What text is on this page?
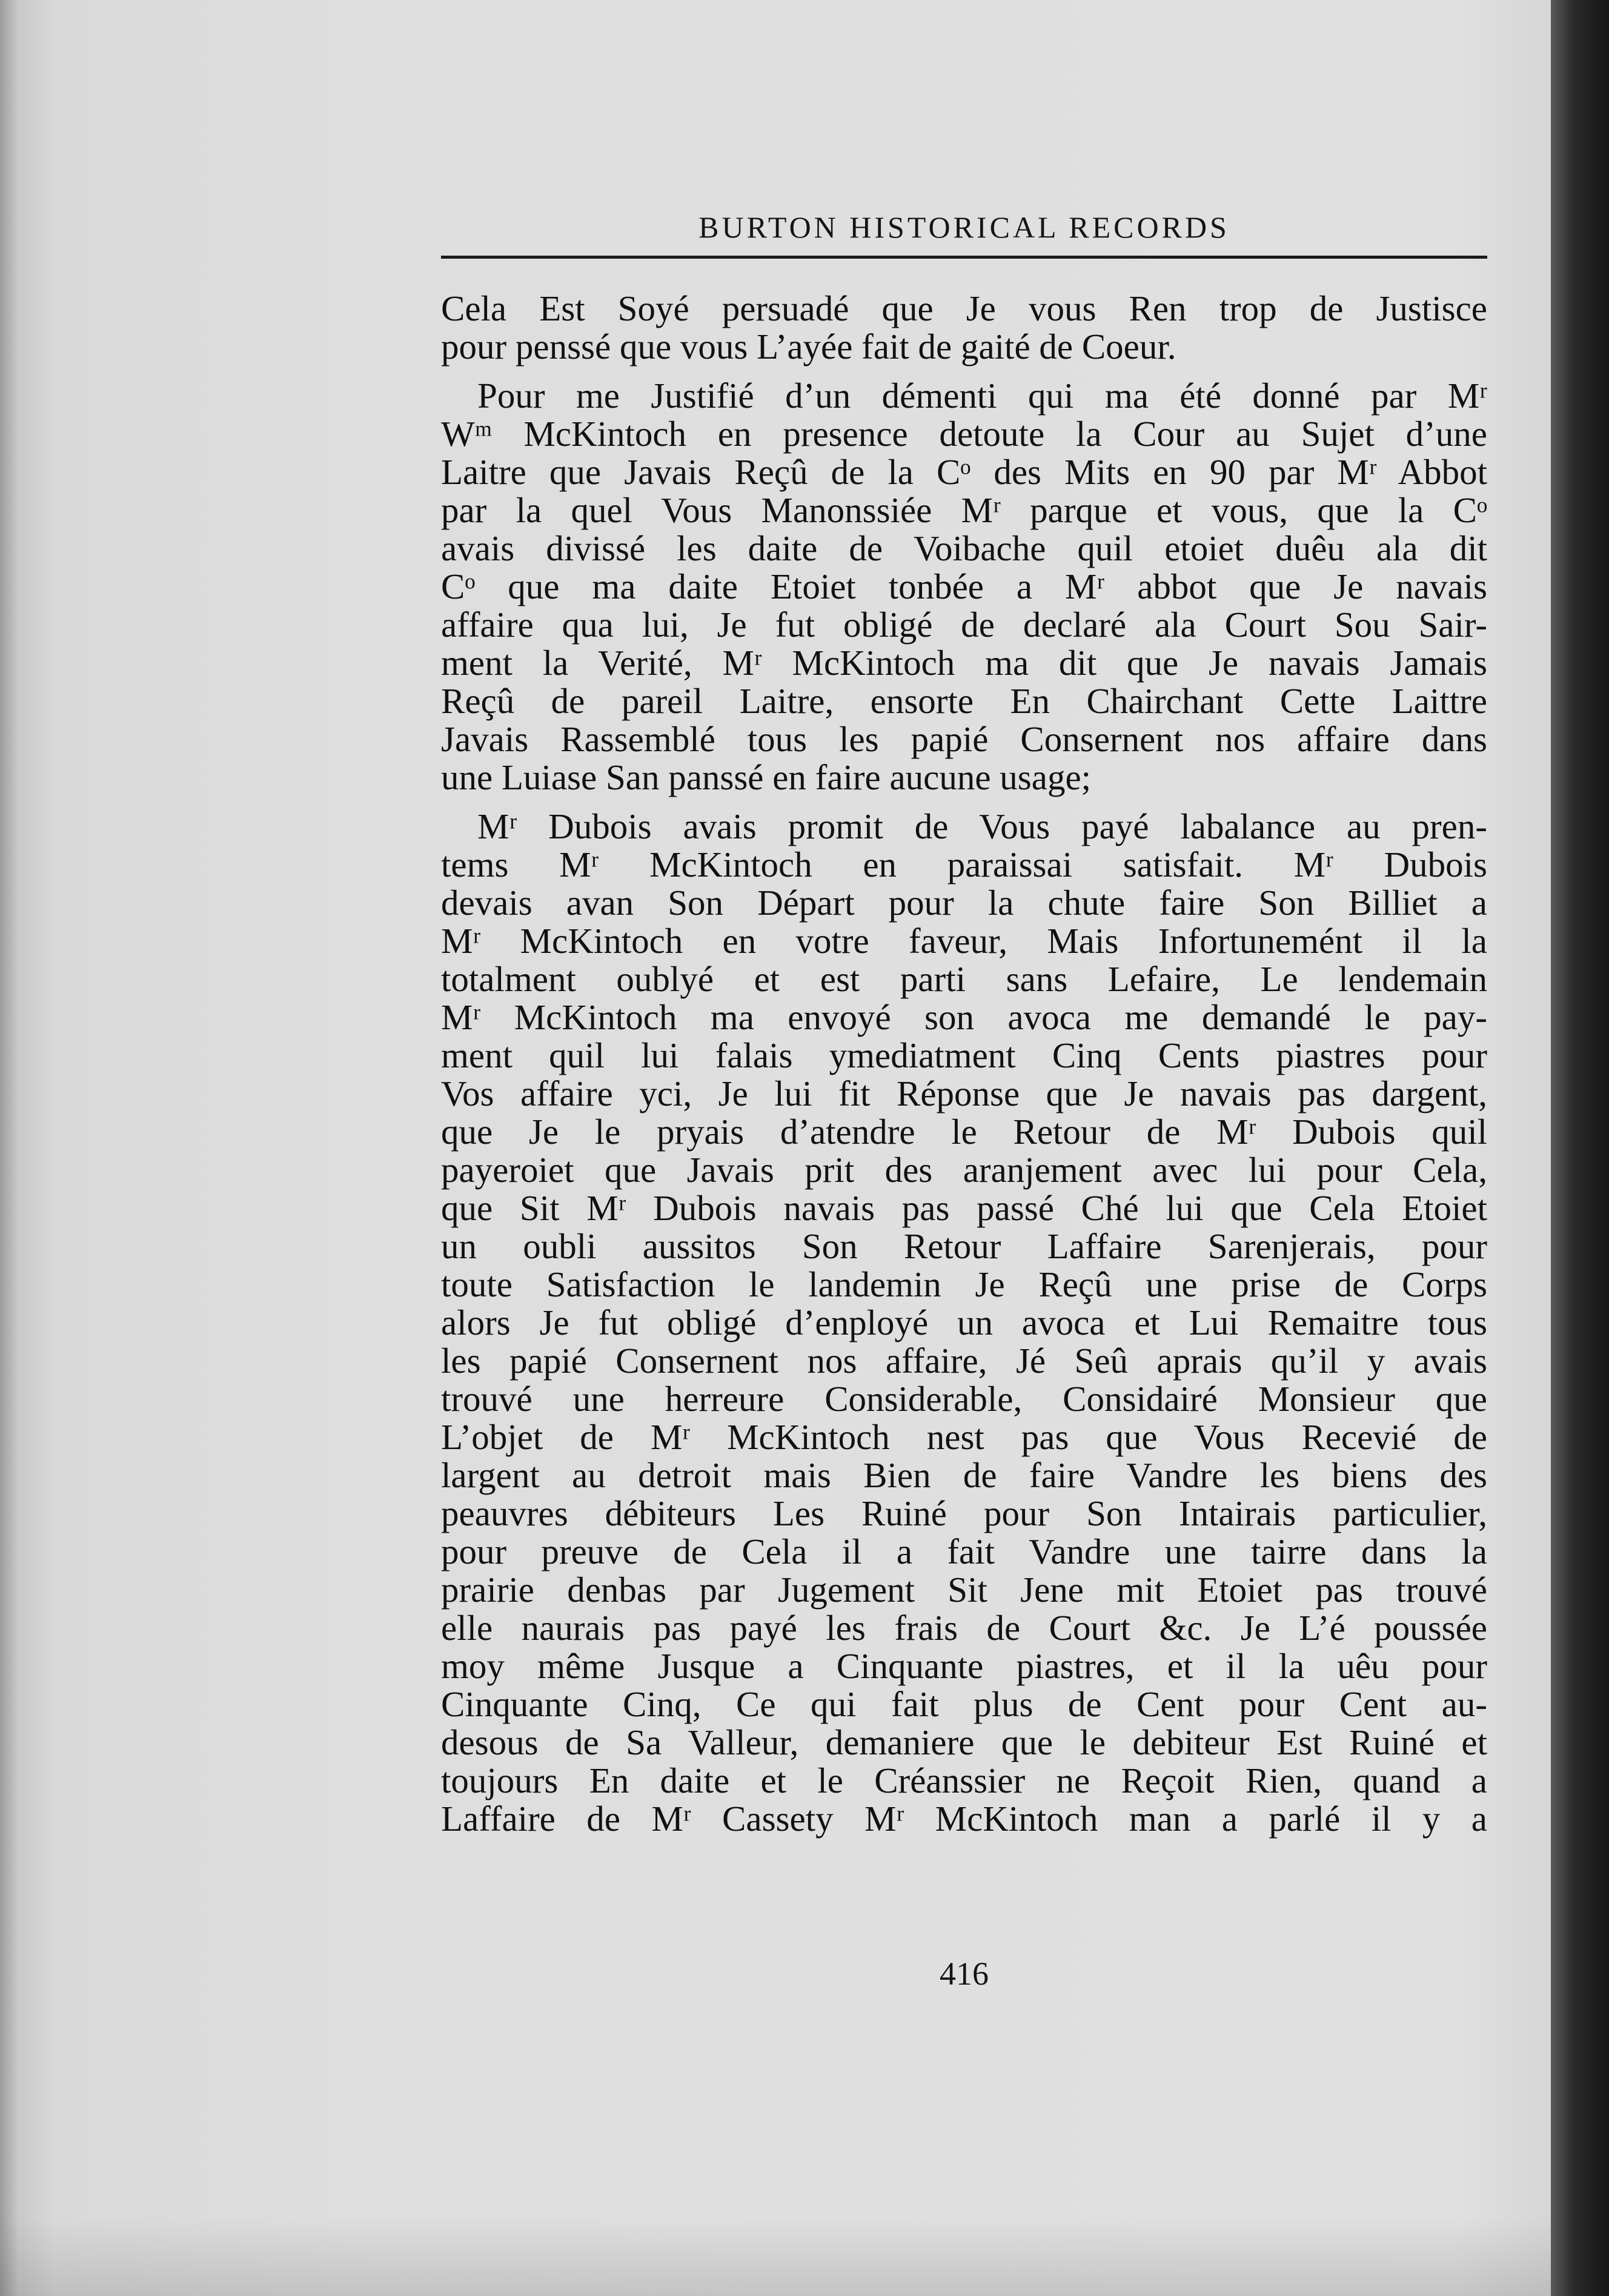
BURTON HISTORICAL RECORDS
Cela Est Soyé persuadé que Je vous Ren trop de Justisce
pour penssé que vous L’ayée fait de gaité de Coeur.
Pour me Justifié d’un démenti qui ma été donné par Mʳ
Wᵐ McKintoch en presence detoute la Cour au Sujet d’une
Laitre que Javais Reçû de la Cᵒ des Mits en 90 par Mʳ Abbot
par la quel Vous Manonssiée Mʳ parque et vous, que la Cᵒ
avais divissé les daite de Voibache quil etoiet duêu ala dit
Cᵒ que ma daite Etoiet tonbée a Mʳ abbot que Je navais
affaire qua lui, Je fut obligé de declaré ala Court Sou Sair-
ment la Verité, Mʳ McKintoch ma dit que Je navais Jamais
Reçû de pareil Laitre, ensorte En Chairchant Cette Laittre
Javais Rassemblé tous les papié Consernent nos affaire dans
une Luiase San panssé en faire aucune usage;
Mʳ Dubois avais promit de Vous payé labalance au pren-
tems Mʳ McKintoch en paraissai satisfait. Mʳ Dubois
devais avan Son Départ pour la chute faire Son Billiet a
Mʳ McKintoch en votre faveur, Mais Infortunemént il la
totalment oublyé et est parti sans Lefaire, Le lendemain
Mʳ McKintoch ma envoyé son avoca me demandé le pay-
ment quil lui falais ymediatment Cinq Cents piastres pour
Vos affaire yci, Je lui fit Réponse que Je navais pas dargent,
que Je le pryais d’atendre le Retour de Mʳ Dubois quil
payeroiet que Javais prit des aranjement avec lui pour Cela,
que Sit Mʳ Dubois navais pas passé Ché lui que Cela Etoiet
un oubli aussitos Son Retour Laffaire Sarenjerais, pour
toute Satisfaction le landemin Je Reçû une prise de Corps
alors Je fut obligé d’enployé un avoca et Lui Remaitre tous
les papié Consernent nos affaire, Jé Seû aprais qu’il y avais
trouvé une herreure Considerable, Considairé Monsieur que
L’objet de Mʳ McKintoch nest pas que Vous Recevié de
largent au detroit mais Bien de faire Vandre les biens des
peauvres débiteurs Les Ruiné pour Son Intairais particulier,
pour preuve de Cela il a fait Vandre une tairre dans la
prairie denbas par Jugement Sit Jene mit Etoiet pas trouvé
elle naurais pas payé les frais de Court &c. Je L’é poussée
moy même Jusque a Cinquante piastres, et il la uêu pour
Cinquante Cinq, Ce qui fait plus de Cent pour Cent au-
desous de Sa Valleur, demaniere que le debiteur Est Ruiné et
toujours En daite et le Créanssier ne Reçoit Rien, quand a
Laffaire de Mʳ Cassety Mʳ McKintoch man a parlé il y a
416
